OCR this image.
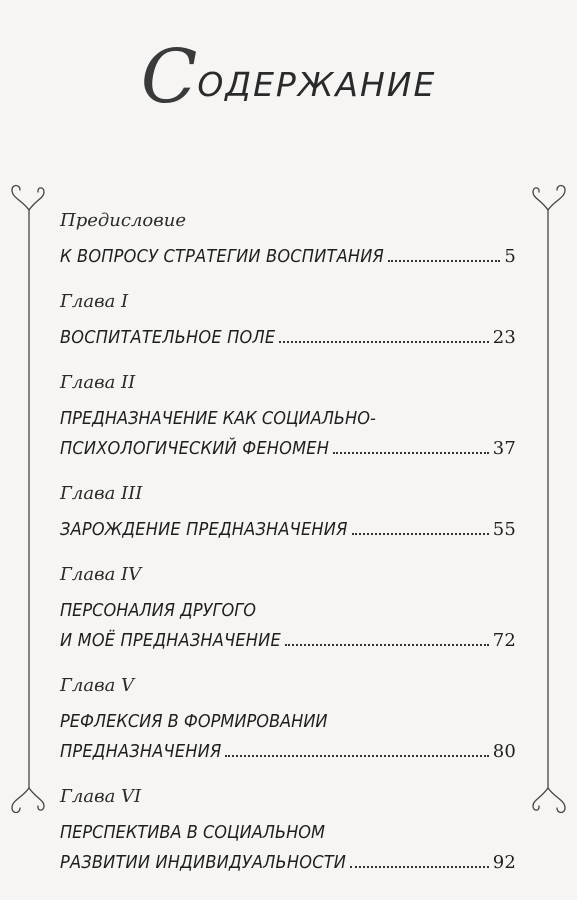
СОДЕРЖАНИЕ
Предисловие
К ВОПРОСУ СТРАТЕГИИ ВОСПИТАНИЯ	5
Глава I
ВОСПИТАТЕЛЬНОЕ ПОЛЕ	23
Глава II
ПРЕДНАЗНАЧЕНИЕ КАК СОЦИАЛЬНО-
ПСИХОЛОГИЧЕСКИЙ ФЕНОМЕН	37
Глава III
ЗАРОЖДЕНИЕ ПРЕДНАЗНАЧЕНИЯ	55
Глава IV
ПЕРСОНАЛИЯ ДРУГОГО
И МОЁ ПРЕДНАЗНАЧЕНИЕ	72
Глава V
РЕФЛЕКСИЯ В ФОРМИРОВАНИИ
ПРЕДНАЗНАЧЕНИЯ	80
Глава VI
ПЕРСПЕКТИВА В СОЦИАЛЬНОМ
РАЗВИТИИ ИНДИВИДУАЛЬНОСТИ	92
